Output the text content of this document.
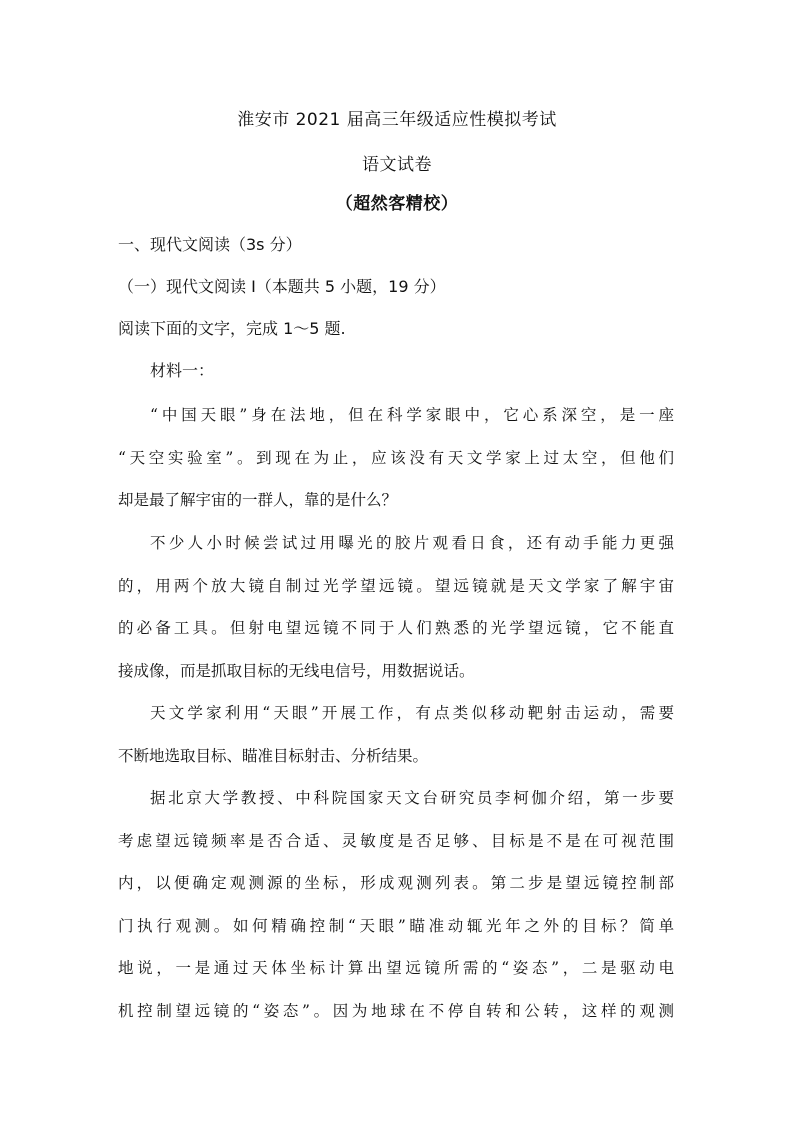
淮安市 2021 届高三年级适应性模拟考试
语文试卷
（超然客精校）
一、现代文阅读（3s 分）
（一）现代文阅读 I（本题共 5 小题，19 分）
阅读下面的文字，完成 1～5 题.
材料一：
“中国天眼”身在法地，但在科学家眼中，它心系深空，是一座
“天空实验室”。到现在为止，应该没有天文学家上过太空，但他们
却是最了解宇宙的一群人，靠的是什么？
不少人小时候尝试过用曝光的胶片观看日食，还有动手能力更强
的，用两个放大镜自制过光学望远镜。望远镜就是天文学家了解宇宙
的必备工具。但射电望远镜不同于人们熟悉的光学望远镜，它不能直
接成像，而是抓取目标的无线电信号，用数据说话。
天文学家利用“天眼”开展工作，有点类似移动靶射击运动，需要
不断地选取目标、瞄准目标射击、分析结果。
据北京大学教授、中科院国家天文台研究员李柯伽介绍，第一步要
考虑望远镜频率是否合适、灵敏度是否足够、目标是不是在可视范围
内，以便确定观测源的坐标，形成观测列表。第二步是望远镜控制部
门执行观测。如何精确控制“天眼”瞄准动辄光年之外的目标？简单
地说，一是通过天体坐标计算出望远镜所需的“姿态”，二是驱动电
机控制望远镜的“姿态”。因为地球在不停自转和公转，这样的观测
